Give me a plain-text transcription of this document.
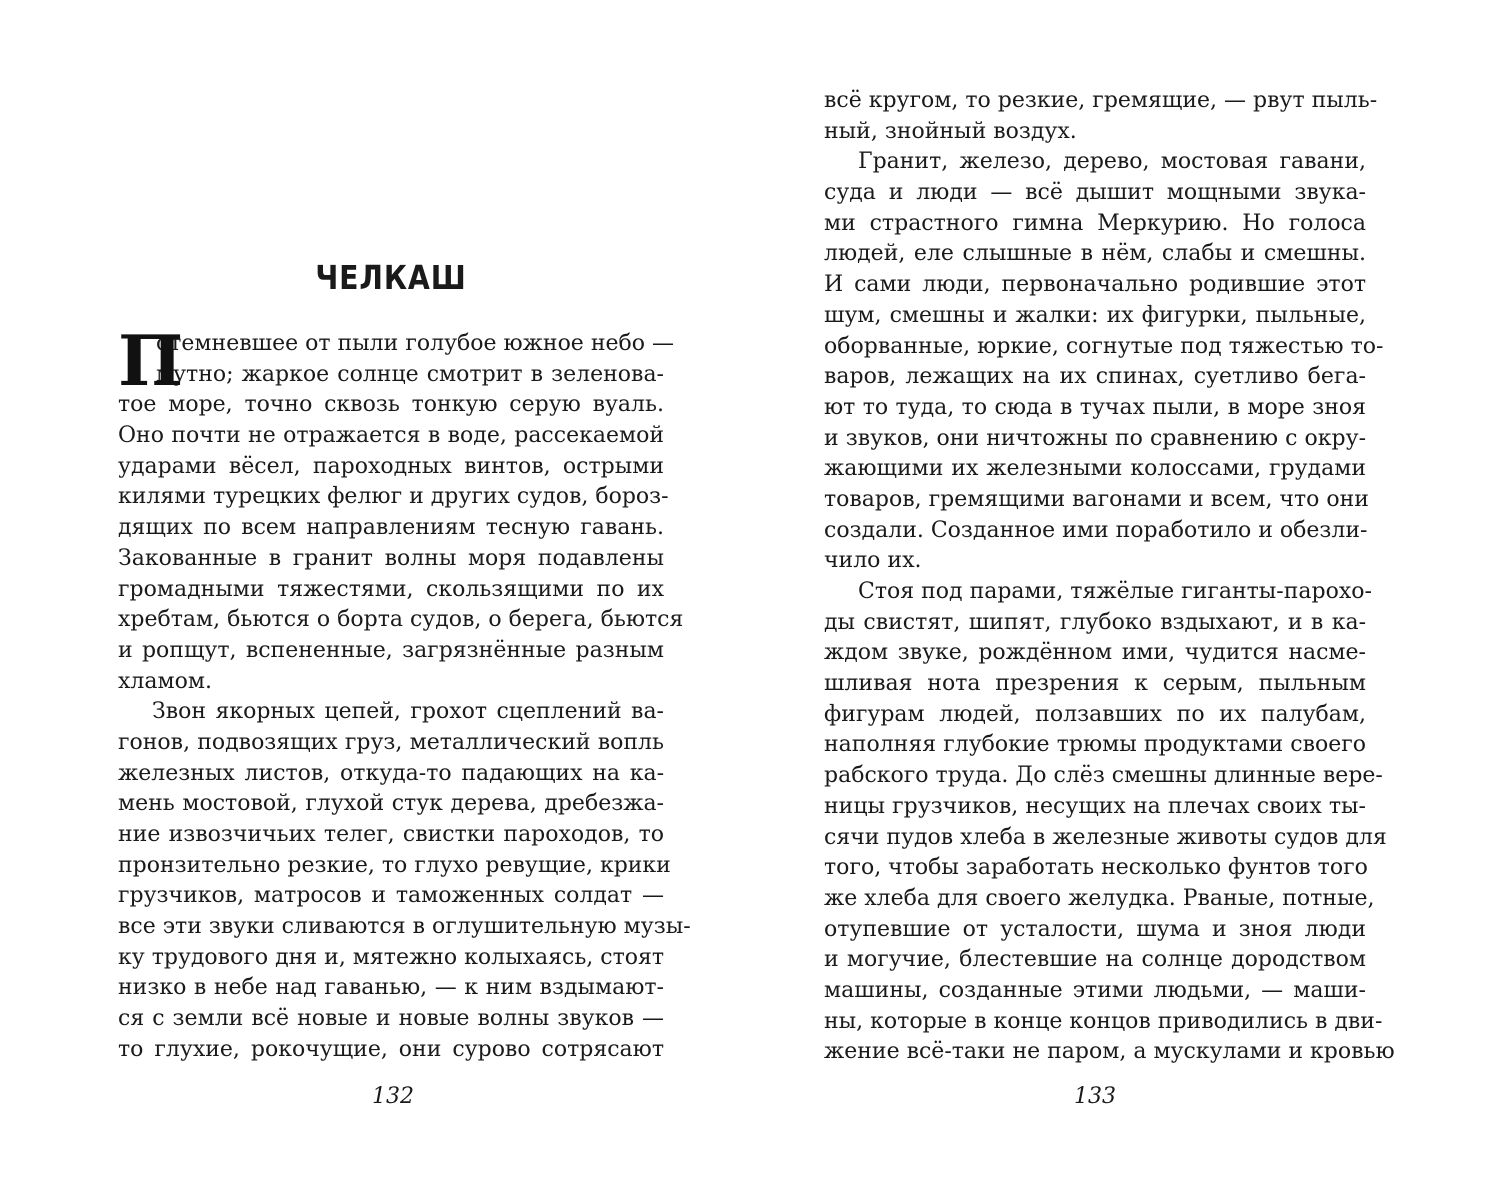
ЧЕЛКАШ
П
отемневшее от пыли голубое южное небо —
мутно; жаркое солнце смотрит в зеленова-
тое море, точно сквозь тонкую серую вуаль.
Оно почти не отражается в воде, рассекаемой
ударами вёсел, пароходных винтов, острыми
килями турецких фелюг и других судов, борoз-
дящих по всем направлениям тесную гавань.
Закованные в гранит волны моря подавлены
громадными тяжестями, скользящими по их
хребтам, бьются о борта судов, о берега, бьются
и ропщут, вспененные, загрязнённые разным
хламом.
Звон якорных цепей, грохот сцеплений ва-
гонов, подвозящих груз, металлический вопль
железных листов, откуда-то падающих на ка-
мень мостовой, глухой стук дерева, дребезжа-
ние извозчичьих телег, свистки пароходов, то
пронзительно резкие, то глухо ревущие, крики
грузчиков, матросов и таможенных солдат —
все эти звуки сливаются в оглушительную музы-
ку трудового дня и, мятежно колыхаясь, стоят
низко в небе над гаванью, — к ним вздымают-
ся с земли всё новые и новые волны звуков —
то глухие, рокочущие, они сурово сотрясают
132
всё кругом, то резкие, гремящие, — рвут пыль-
ный, знойный воздух.
Гранит, железо, дерево, мостовая гавани,
суда и люди — всё дышит мощными звука-
ми страстного гимна Меркурию. Но голоса
людей, еле слышные в нём, слабы и смешны.
И сами люди, первоначально родившие этот
шум, смешны и жалки: их фигурки, пыльные,
оборванные, юркие, согнутые под тяжестью то-
варов, лежащих на их спинах, суетливо бега-
ют то туда, то сюда в тучах пыли, в море зноя
и звуков, они ничтожны по сравнению с окру-
жающими их железными колоссами, грудами
товаров, гремящими вагонами и всем, что они
создали. Созданное ими поработило и обезли-
чило их.
Стоя под парами, тяжёлые гиганты-парохо-
ды свистят, шипят, глубоко вздыхают, и в ка-
ждом звуке, рождённом ими, чудится насме-
шливая нота презрения к серым, пыльным
фигурам людей, ползавших по их палубам,
наполняя глубокие трюмы продуктами своего
рабского труда. До слёз смешны длинные вере-
ницы грузчиков, несущих на плечах своих ты-
сячи пудов хлеба в железные животы судов для
того, чтобы заработать несколько фунтов того
же хлеба для своего желудка. Рваные, потные,
отупевшие от усталости, шума и зноя люди
и могучие, блестевшие на солнце дородством
машины, созданные этими людьми, — маши-
ны, которые в конце концов приводились в дви-
жение всё-таки не паром, а мускулами и кровью
133
